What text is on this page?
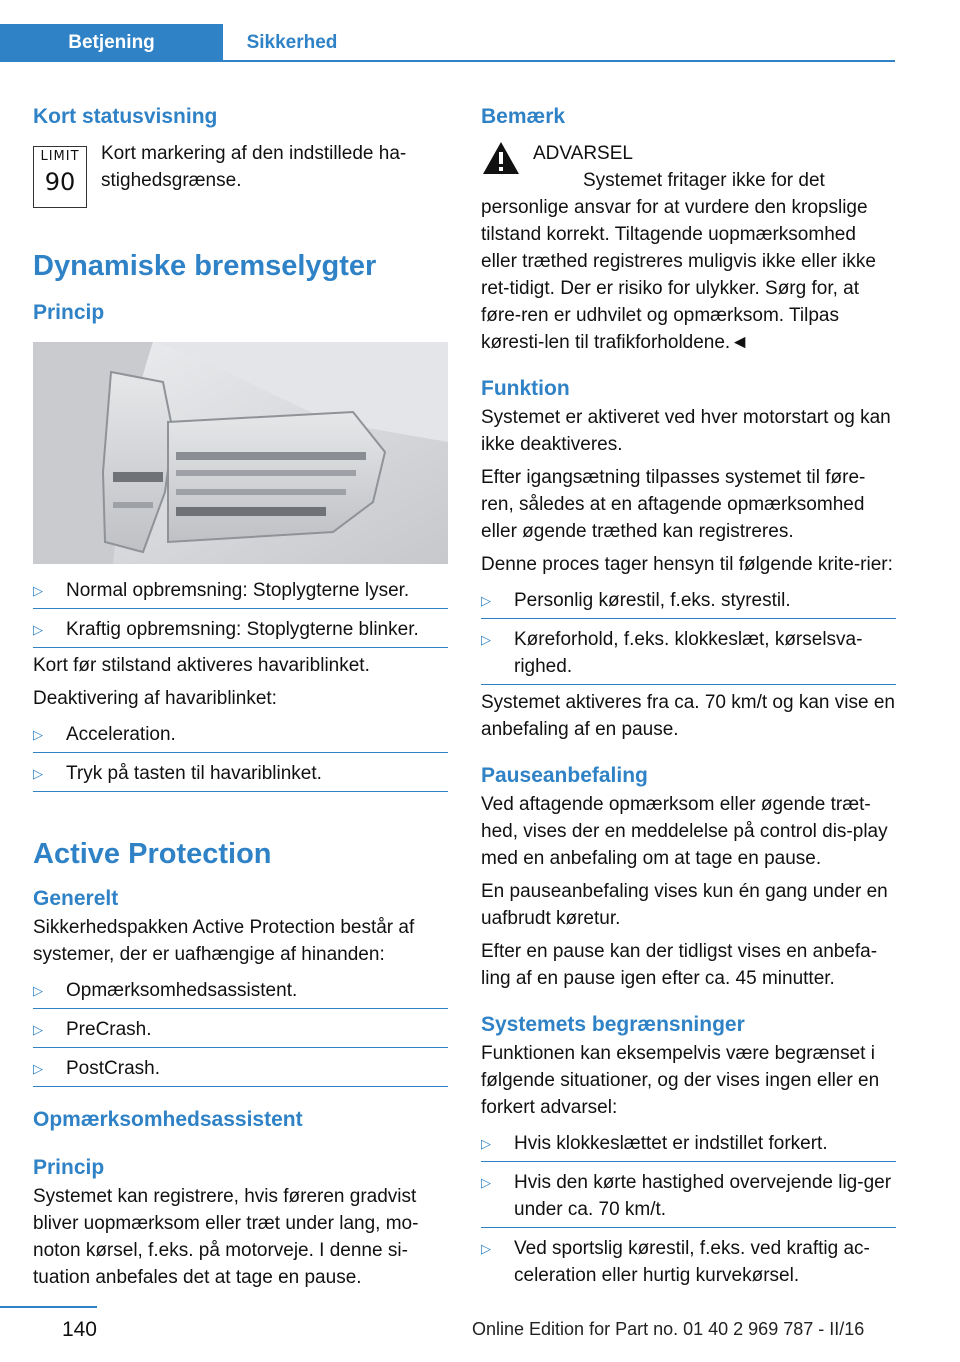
Betjening	Sikkerhed
Kort statusvisning
LIMIT
90
Kort markering af den indstillede ha-stighedsgrænse.
Dynamiske bremselygter
Princip
▷ Normal opbremsning: Stoplygterne lyser.
▷ Kraftig opbremsning: Stoplygterne blinker.

Kort før stilstand aktiveres havariblinket.

Deaktivering af havariblinket:

▷ Acceleration.
▷ Tryk på tasten til havariblinket.
Active Protection
Generelt

Sikkerhedspakken Active Protection består af systemer, der er uafhængige af hinanden:

▷ Opmærksomhedsassistent.
▷ PreCrash.
▷ PostCrash.
Opmærksomhedsassistent
Princip

Systemet kan registrere, hvis føreren gradvist bliver uopmærksom eller træt under lang, mo-noton kørsel, f.eks. på motorveje. I denne si-tuation anbefales det at tage en pause.

Bemærk
ADVARSEL

Systemet fritager ikke for det personlige ansvar for at vurdere den kropslige tilstand korrekt. Tiltagende uopmærksomhed eller træthed registreres muligvis ikke eller ikke ret-tidigt. Der er risiko for ulykker. Sørg for, at føre-ren er udhvilet og opmærksom. Tilpas køresti-len til trafikforholdene.◄

Funktion

Systemet er aktiveret ved hver motorstart og kan ikke deaktiveres.

Efter igangsætning tilpasses systemet til føre-ren, således at en aftagende opmærksomhed eller øgende træthed kan registreres.

Denne proces tager hensyn til følgende krite-rier:

▷ Personlig kørestil, f.eks. styrestil.
▷ Køreforhold, f.eks. klokkeslæt, kørselsva-righed.

Systemet aktiveres fra ca. 70 km/t og kan vise en anbefaling af en pause.

Pauseanbefaling

Ved aftagende opmærksom eller øgende træt-hed, vises der en meddelelse på control dis-play med en anbefaling om at tage en pause.

En pauseanbefaling vises kun én gang under en uafbrudt køretur.

Efter en pause kan der tidligst vises en anbefa-ling af en pause igen efter ca. 45 minutter.

Systemets begrænsninger

Funktionen kan eksempelvis være begrænset i følgende situationer, og der vises ingen eller en forkert advarsel:

▷ Hvis klokkeslættet er indstillet forkert.
▷ Hvis den kørte hastighed overvejende lig-ger under ca. 70 km/t.
▷ Ved sportslig kørestil, f.eks. ved kraftig ac-celeration eller hurtig kurvekørsel.
140	Online Edition for Part no. 01 40 2 969 787 - II/16
